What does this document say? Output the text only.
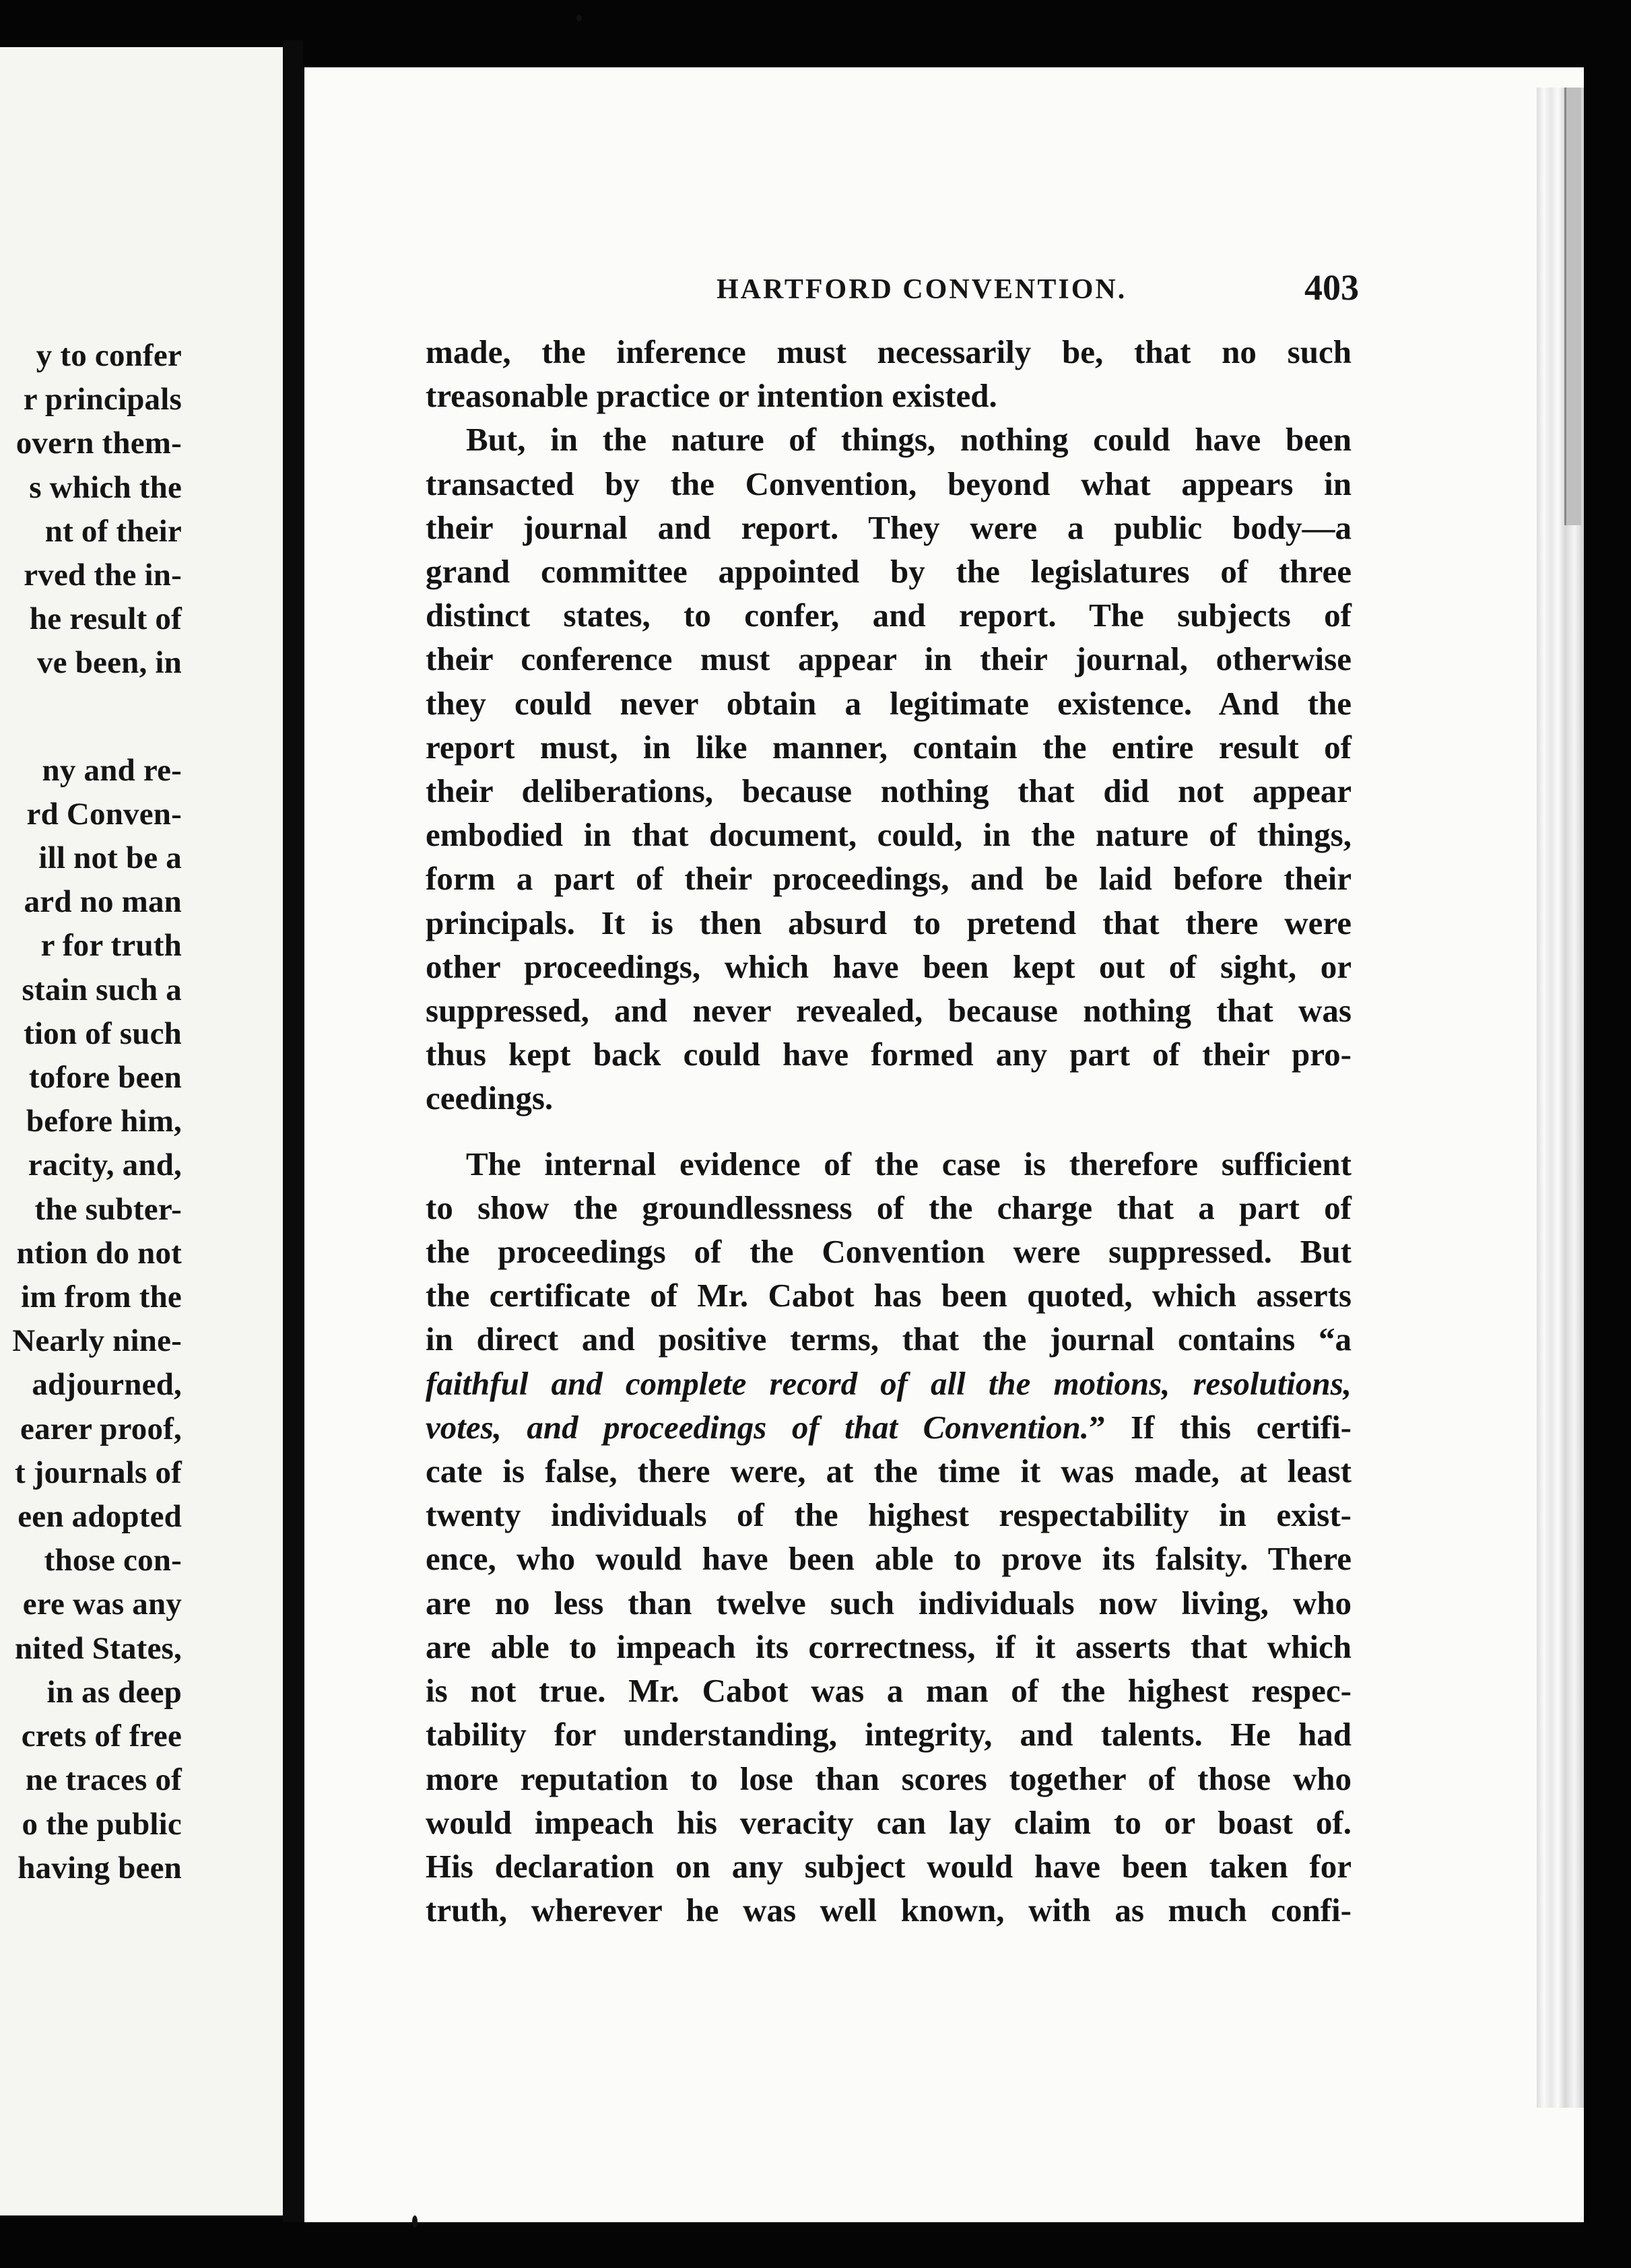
y to confer
r principals
overn them-
s which the
nt of their
rved the in-
he result of
ve been, in
ny and re-
rd Conven-
ill not be a
ard no man
r for truth
stain such a
tion of such
tofore been
before him,
racity, and,
the subter-
ntion do not
im from the
Nearly nine-
adjourned,
earer proof,
t journals of
een adopted
those con-
ere was any
nited States,
in as deep
crets of free
ne traces of
o the public
having been
HARTFORD CONVENTION.	403
made, the inference must necessarily be, that no such
treasonable practice or intention existed.
But, in the nature of things, nothing could have been
transacted by the Convention, beyond what appears in
their journal and report. They were a public body—a
grand committee appointed by the legislatures of three
distinct states, to confer, and report. The subjects of
their conference must appear in their journal, otherwise
they could never obtain a legitimate existence. And the
report must, in like manner, contain the entire result of
their deliberations, because nothing that did not appear
embodied in that document, could, in the nature of things,
form a part of their proceedings, and be laid before their
principals. It is then absurd to pretend that there were
other proceedings, which have been kept out of sight, or
suppressed, and never revealed, because nothing that was
thus kept back could have formed any part of their pro-
ceedings.
The internal evidence of the case is therefore sufficient
to show the groundlessness of the charge that a part of
the proceedings of the Convention were suppressed. But
the certificate of Mr. Cabot has been quoted, which asserts
in direct and positive terms, that the journal contains “a
faithful and complete record of all the motions, resolutions,
votes, and proceedings of that Convention.” If this certifi-
cate is false, there were, at the time it was made, at least
twenty individuals of the highest respectability in exist-
ence, who would have been able to prove its falsity. There
are no less than twelve such individuals now living, who
are able to impeach its correctness, if it asserts that which
is not true. Mr. Cabot was a man of the highest respec-
tability for understanding, integrity, and talents. He had
more reputation to lose than scores together of those who
would impeach his veracity can lay claim to or boast of.
His declaration on any subject would have been taken for
truth, wherever he was well known, with as much confi-
